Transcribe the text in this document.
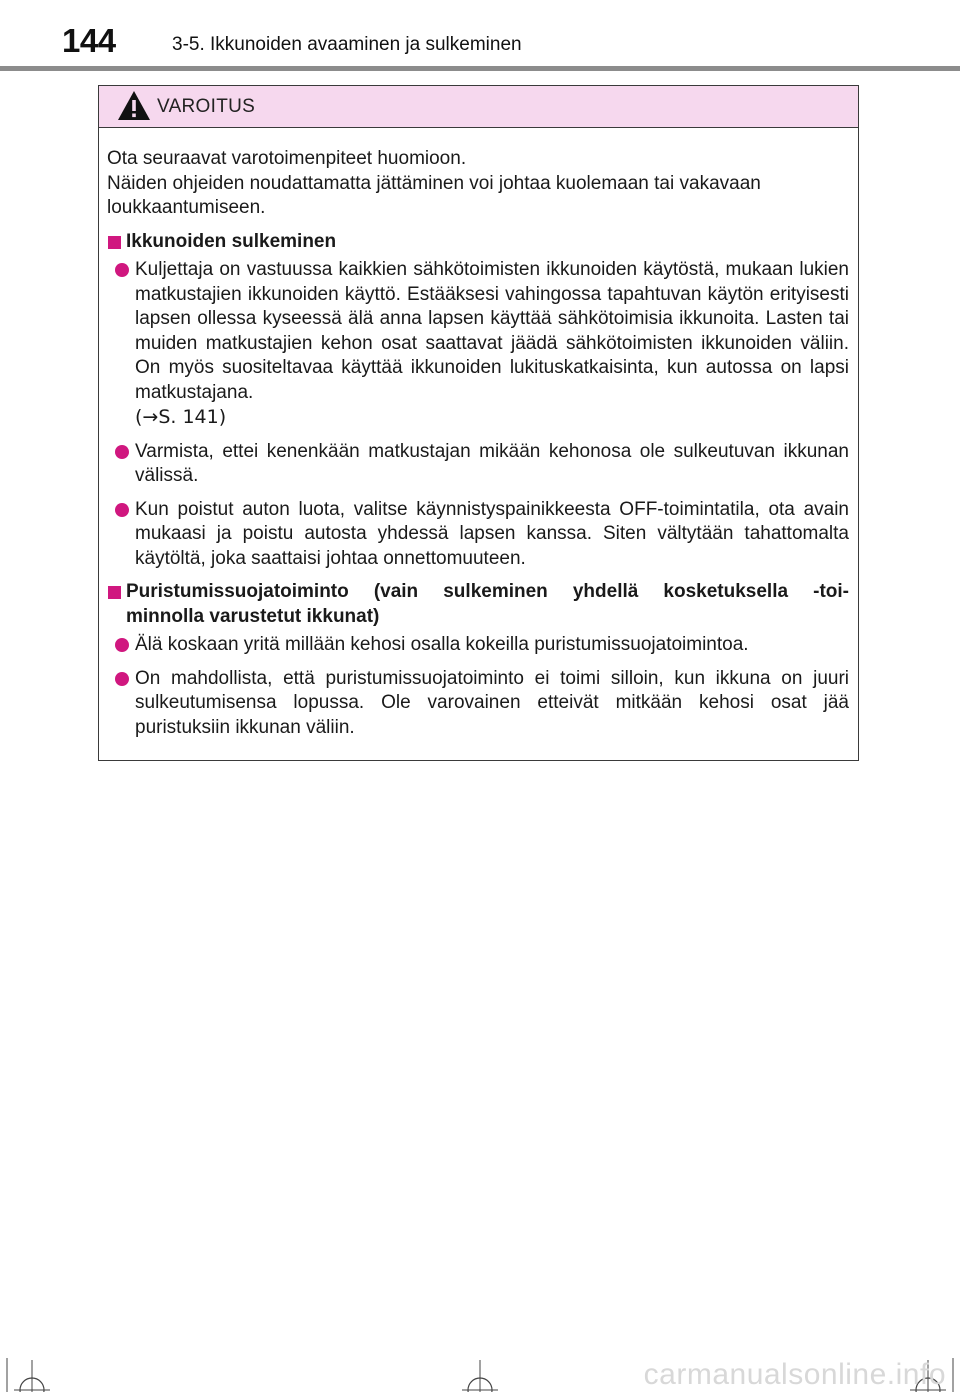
144	3-5. Ikkunoiden avaaminen ja sulkeminen
VAROITUS

Ota seuraavat varotoimenpiteet huomioon.

Näiden ohjeiden noudattamatta jättäminen voi johtaa kuolemaan tai vakavaan loukkaantumiseen.

Ikkunoiden sulkeminen
Kuljettaja on vastuussa kaikkien sähkötoimisten ikkunoiden käytöstä, mukaan lukien matkustajien ikkunoiden käyttö. Estääksesi vahingossa tapahtuvan käytön erityisesti lapsen ollessa kyseessä älä anna lapsen käyttää sähkötoimisia ikkunoita. Lasten tai muiden matkustajien kehon osat saattavat jäädä sähkötoimisten ikkunoiden väliin. On myös suositeltavaa käyttää ikkunoiden lukituskatkaisinta, kun autossa on lapsi matkustajana.
(→S. 141)
Varmista, ettei kenenkään matkustajan mikään kehonosa ole sulkeutuvan ikkunan välissä.
Kun poistut auton luota, valitse käynnistyspainikkeesta OFF-toimintatila, ota avain mukaasi ja poistu autosta yhdessä lapsen kanssa. Siten vältytään tahattomalta käytöltä, joka saattaisi johtaa onnettomuuteen.
Puristumissuojatoiminto (vain sulkeminen yhdellä kosketuksella -toi-
minnolla varustetut ikkunat)
Älä koskaan yritä millään kehosi osalla kokeilla puristumissuojatoimintoa.
On mahdollista, että puristumissuojatoiminto ei toimi silloin, kun ikkuna on juuri sulkeutumisensa lopussa. Ole varovainen etteivät mitkään kehosi osat jää puristuksiin ikkunan väliin.
carmanualsonline.info
